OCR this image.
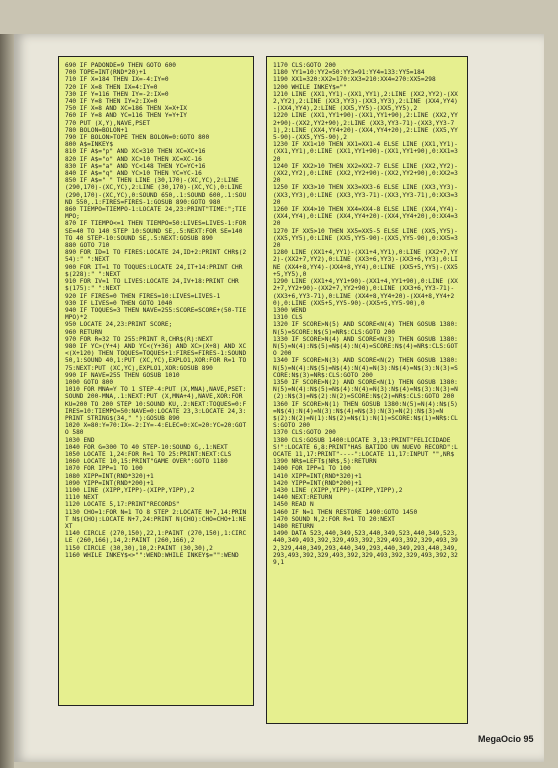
690 IF PADONDE=9 THEN GOTO 600

700 TOPE=INT(RND*20)+1

710 IF X=184 THEN IX=-4:IY=0

720 IF X=8 THEN IX=4:IY=0

730 IF Y=116 THEN IY=-2:IX=0

740 IF Y=8 THEN IY=2:IX=0

750 IF X=8 AND XC=186 THEN X=X+IX

760 IF Y=8 AND YC=116 THEN Y=Y+IY

770 PUT (X,Y),NAVE,PSET

780 BOLON=BOLON+1

790 IF BOLON>TOPE THEN BOLON=0:GOTO 800

800 A$=INKEY$

810 IF A$="p" AND XC<310 THEN XC=XC+16

820 IF A$="o" AND XC>10 THEN XC=XC-16

830 IF A$="a" AND YC<148 THEN YC=YC+16

840 IF A$="q" AND YC>10 THEN YC=YC-16

850 IF A$=" " THEN LINE (30,170)-(XC,YC),2:LINE (290,170)-(XC,YC),2:LINE (30,170)-(XC,YC),0:LINE (290,170)-(XC,YC),0:SOUND 650,.1:SOUND 600,.1:SOUND 550,.1:FIRES=FIRES-1:GOSUB 890:GOTO 980

860 TIEMPO=TIEMPO-1:LOCATE 24,23:PRINT"TIME:";TIEMPO;

870 IF TIEMPO<=1 THEN TIEMPO=50:LIVES=LIVES-1:FOR SE=40 TO 140 STEP 10:SOUND SE,.5:NEXT:FOR SE=140 TO 40 STEP-10:SOUND SE,.5:NEXT:GOSUB 890

880 GOTO 710

890 FOR ID=1 TO FIRES:LOCATE 24,ID+2:PRINT CHR$(254):" ":NEXT

900 FOR IT=1 TO TOQUES:LOCATE 24,IT+14:PRINT CHR$(228):" ":NEXT

910 FOR IV=1 TO LIVES:LOCATE 24,IV+18:PRINT CHR$(175):" ":NEXT

920 IF FIRES=0 THEN FIRES=10:LIVES=LIVES-1

930 IF LIVES=0 THEN GOTO 1040

940 IF TOQUES=3 THEN NAVE=255:SCORE=SCORE+(50-TIEMPO)*2

950 LOCATE 24,23:PRINT SCORE;

960 RETURN

970 FOR R=32 TO 255:PRINT R,CHR$(R):NEXT

980 IF YC>(Y+4) AND YC<(Y+36) AND XC>(X+8) AND XC<(X+120) THEN TOQUES=TOQUES+1:FIRES=FIRES-1:SOUND 50,1:SOUND 40,1:PUT (XC,YC),EXPLO1,XOR:FOR R=1 TO 75:NEXT:PUT (XC,YC),EXPLO1,XOR:GOSUB 890

990 IF NAVE=255 THEN GOSUB 1010

1000 GOTO 800

1010 FOR MNA=Y TO 1 STEP-4:PUT (X,MNA),NAVE,PSET:SOUND 200-MNA,.1:NEXT:PUT (X,MNA+4),NAVE,XOR:FOR KU=200 TO 200 STEP 10:SOUND KU,.2:NEXT:TOQUES=0:FIRES=10:TIEMPO=50:NAVE=0:LOCATE 23,3:LOCATE 24,3:PRINT STRING$(34," "):GOSUB 890

1020 X=80:Y=70:IX=-2:IY=-4:ELEC=0:XC=20:YC=20:GOTO 580

1030 END

1040 FOR G=300 TO 40 STEP-10:SOUND G,.1:NEXT

1050 LOCATE 1,24:FOR R=1 TO 25:PRINT:NEXT:CLS

1060 LOCATE 10,15:PRINT"GAME OVER":GOTO 1180

1070 FOR IPP=1 TO 100

1080 XIPP=INT(RND*320)+1

1090 YIPP=INT(RND*200)+1

1100 LINE (XIPP,YIPP)-(XIPP,YIPP),2

1110 NEXT

1120 LOCATE 5,17:PRINT"RECORDS"

1130 CHO=1:FOR N=1 TO 8 STEP 2:LOCATE N+7,14:PRINT N$(CHO):LOCATE N+7,24:PRINT N(CHO):CHO=CHO+1:NEXT

1140 CIRCLE (270,150),22,1:PAINT (270,150),1:CIRCLE (260,166),14,2:PAINT (260,166),2

1150 CIRCLE (30,30),10,2:PAINT (30,30),2

1160 WHILE INKEY$<>"":WEND:WHILE INKEY$="":WEND

1170 CLS:GOTO 200

1180 YY1=10:YY2=50:YY3=91:YY4=133:YY5=184

1190 XX1=320:XX2=170:XX3=210:XX4=270:XX5=298

1200 WHILE INKEY$=""

1210 LINE (XX1,YY1)-(XX1,YY1),2:LINE (XX2,YY2)-(XX2,YY2),2:LINE (XX3,YY3)-(XX3,YY3),2:LINE (XX4,YY4)-(XX4,YY4),2:LINE (XX5,YY5)-(XX5,YY5),2

1220 LINE (XX1,YY1+90)-(XX1,YY1+90),2:LINE (XX2,YY2+90)-(XX2,YY2+90),2:LINE (XX3,YY3-71)-(XX3,YY3-71),2:LINE (XX4,YY4+20)-(XX4,YY4+20),2:LINE (XX5,YY5-90)-(XX5,YY5-90),2

1230 IF XX1<10 THEN XX1=XX1-4 ELSE LINE (XX1,YY1)-(XX1,YY1),0:LINE (XX1,YY1+90)-(XX1,YY1+90),0:XX1=320

1240 IF XX2>10 THEN XX2=XX2-7 ELSE LINE (XX2,YY2)-(XX2,YY2),0:LINE (XX2,YY2+90)-(XX2,YY2+90),0:XX2=320

1250 IF XX3>10 THEN XX3=XX3-6 ELSE LINE (XX3,YY3)-(XX3,YY3),0:LINE (XX3,YY3-71)-(XX3,YY3-71),0:XX3=320

1260 IF XX4>10 THEN XX4=XX4-8 ELSE LINE (XX4,YY4)-(XX4,YY4),0:LINE (XX4,YY4+20)-(XX4,YY4+20),0:XX4=320

1270 IF XX5>10 THEN XX5=XX5-5 ELSE LINE (XX5,YY5)-(XX5,YY5),0:LINE (XX5,YY5-90)-(XX5,YY5-90),0:XX5=320

1280 LINE (XX1+4,YY1)-(XX1+4,YY1),0:LINE (XX2+7,YY2)-(XX2+7,YY2),0:LINE (XX3+6,YY3)-(XX3+6,YY3),0:LINE (XX4+8,YY4)-(XX4+8,YY4),0:LINE (XX5+5,YY5)-(XX5+5,YY5),0

1290 LINE (XX1+4,YY1+90)-(XX1+4,YY1+90),0:LINE (XX2+7,YY2+90)-(XX2+7,YY2+90),0:LINE (XX3+6,YY3-71)-(XX3+6,YY3-71),0:LINE (XX4+8,YY4+20)-(XX4+8,YY4+20),0:LINE (XX5+5,YY5-90)-(XX5+5,YY5-90),0

1300 WEND

1310 CLS

1320 IF SCORE>N(5) AND SCORE<N(4) THEN GOSUB 1380:N(5)=SCORE:N$(5)=NR$:CLS:GOTO 200

1330 IF SCORE>N(4) AND SCORE<N(3) THEN GOSUB 1380:N(5)=N(4):N$(5)=N$(4):N(4)=SCORE:N$(4)=NR$:CLS:GOTO 200

1340 IF SCORE>N(3) AND SCORE<N(2) THEN GOSUB 1380:N(5)=N(4):N$(5)=N$(4):N(4)=N(3):N$(4)=N$(3):N(3)=SCORE:N$(3)=NR$:CLS:GOTO 200

1350 IF SCORE>N(2) AND SCORE<N(1) THEN GOSUB 1380:N(5)=N(4):N$(5)=N$(4):N(4)=N(3):N$(4)=N$(3):N(3)=N(2):N$(3)=N$(2):N(2)=SCORE:N$(2)=NR$:CLS:GOTO 200

1360 IF SCORE>N(1) THEN GOSUB 1380:N(5)=N(4):N$(5)=N$(4):N(4)=N(3):N$(4)=N$(3):N(3)=N(2):N$(3)=N$(2):N(2)=N(1):N$(2)=N$(1):N(1)=SCORE:N$(1)=NR$:CLS:GOTO 200

1370 CLS:GOTO 200

1380 CLS:GOSUB 1400:LOCATE 3,13:PRINT"FELICIDADES!":LOCATE 6,8:PRINT"HAS BATIDO UN NUEVO RECORD":LOCATE 11,17:PRINT"----":LOCATE 11,17:INPUT "",NR$

1390 NR$=LEFT$(NR$,5):RETURN

1400 FOR IPP=1 TO 100

1410 XIPP=INT(RND*320)+1

1420 YIPP=INT(RND*200)+1

1430 LINE (XIPP,YIPP)-(XIPP,YIPP),2

1440 NEXT:RETURN

1450 READ N

1460 IF N=1 THEN RESTORE 1490:GOTO 1450

1470 SOUND N,2:FOR R=1 TO 20:NEXT

1480 RETURN

1490 DATA 523,440,349,523,440,349,523,440,349,523,440,349,493,392,329,493,392,329,493,392,329,493,392,329,440,349,293,440,349,293,440,349,293,440,349,293,493,392,329,493,392,329,493,392,329,493,392,329,1

MegaOcio 95
